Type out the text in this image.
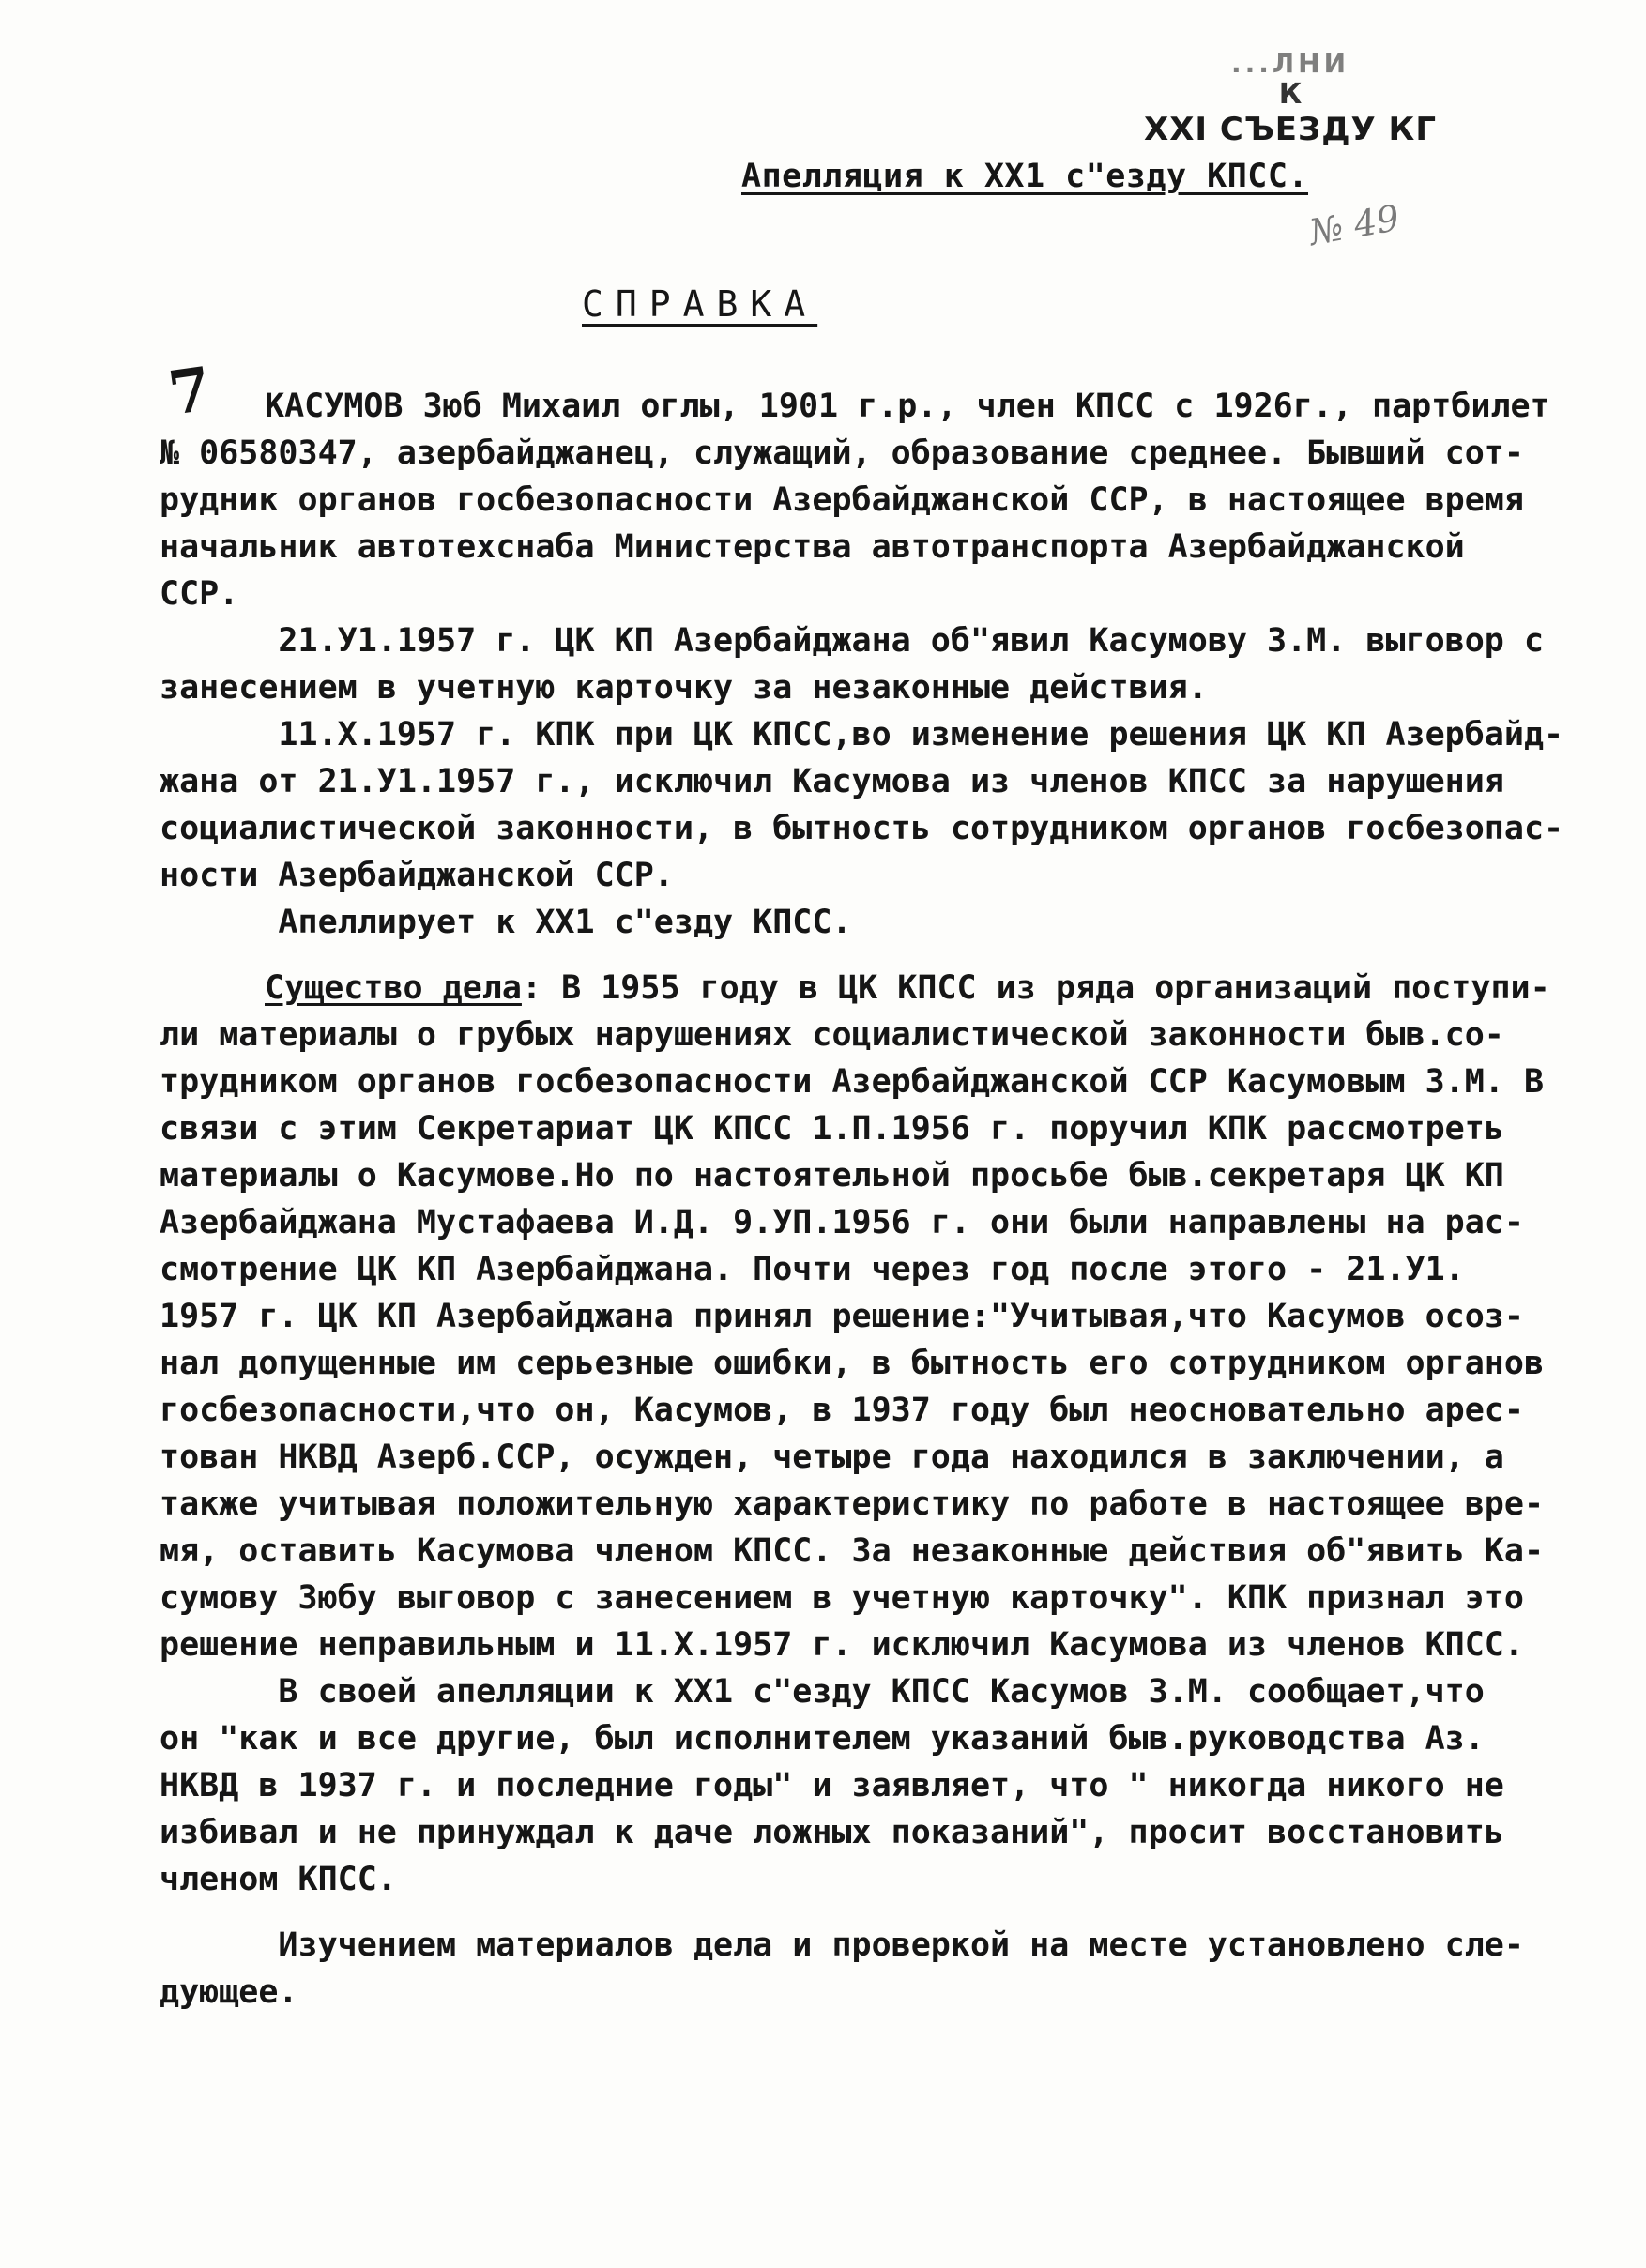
...ЛНИ
К
XXI СЪЕЗДУ КГ
Апелляция к ХХ1 с"езду КПСС.
№ 49
СПРАВКА
7	КАСУМОВ Зюб Михаил оглы, 1901 г.р., член КПСС с 1926г., партбилет
№ 06580347, азербайджанец, служащий, образование среднее. Бывший сот-
рудник органов госбезопасности Азербайджанской ССР, в настоящее время
начальник автотехснаба Министерства автотранспорта Азербайджанской
ССР.
21.У1.1957 г. ЦК КП Азербайджана об"явил Касумову З.М. выговор с
занесением в учетную карточку за незаконные действия.
11.Х.1957 г. КПК при ЦК КПСС,во изменение решения ЦК КП Азербайд-
жана от 21.У1.1957 г., исключил Касумова из членов КПСС за нарушения
социалистической законности, в бытность сотрудником органов госбезопас-
ности Азербайджанской ССР.
Апеллирует к ХХ1 с"езду КПСС.
Существо дела: В 1955 году в ЦК КПСС из ряда организаций поступи-
ли материалы о грубых нарушениях социалистической законности быв.со-
трудником органов госбезопасности Азербайджанской ССР Касумовым З.М. В
связи с этим Секретариат ЦК КПСС 1.П.1956 г. поручил КПК рассмотреть
материалы о Касумове.Но по настоятельной просьбе быв.секретаря ЦК КП
Азербайджана Мустафаева И.Д. 9.УП.1956 г. они были направлены на рас-
смотрение ЦК КП Азербайджана. Почти через год после этого - 21.У1.
1957 г. ЦК КП Азербайджана принял решение:"Учитывая,что Касумов осоз-
нал допущенные им серьезные ошибки, в бытность его сотрудником органов
госбезопасности,что он, Касумов, в 1937 году был неосновательно арес-
тован НКВД Азерб.ССР, осужден, четыре года находился в заключении, а
также учитывая положительную характеристику по работе в настоящее вре-
мя, оставить Касумова членом КПСС. За незаконные действия об"явить Ка-
сумову Зюбу выговор с занесением в учетную карточку". КПК признал это
решение неправильным и 11.Х.1957 г. исключил Касумова из членов КПСС.
В своей апелляции к ХХ1 с"езду КПСС Касумов З.М. сообщает,что
он "как и все другие, был исполнителем указаний быв.руководства Аз.
НКВД в 1937 г. и последние годы" и заявляет, что " никогда никого не
избивал и не принуждал к даче ложных показаний", просит восстановить
членом КПСС.
Изучением материалов дела и проверкой на месте установлено сле-
дующее.
